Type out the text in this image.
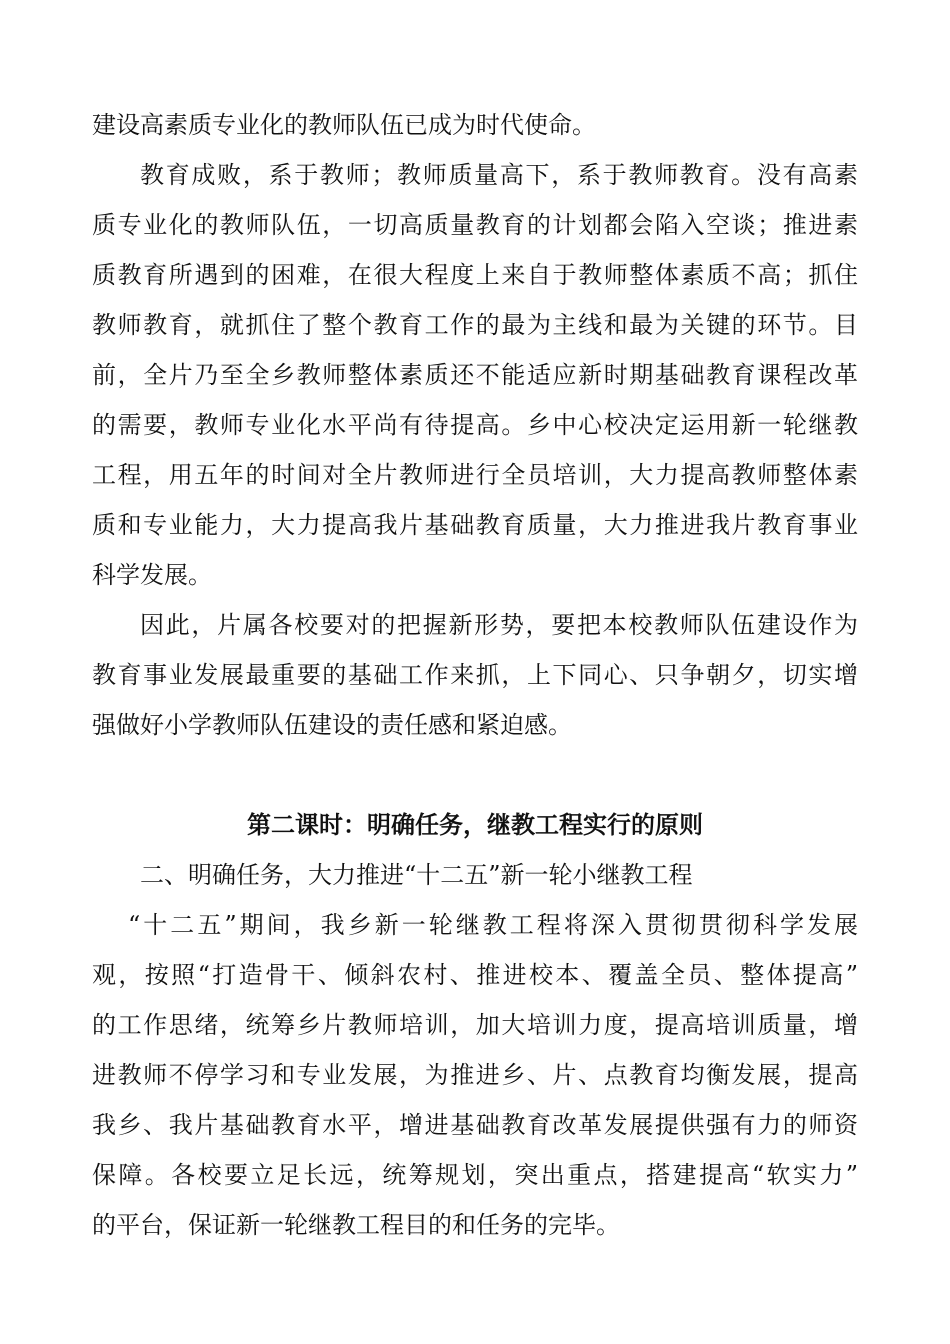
建设高素质专业化的教师队伍已成为时代使命。
教育成败，系于教师；教师质量高下，系于教师教育。没有高素
质专业化的教师队伍，一切高质量教育的计划都会陷入空谈；推进素
质教育所遇到的困难，在很大程度上来自于教师整体素质不高；抓住
教师教育，就抓住了整个教育工作的最为主线和最为关键的环节。目
前，全片乃至全乡教师整体素质还不能适应新时期基础教育课程改革
的需要，教师专业化水平尚有待提高。乡中心校决定运用新一轮继教
工程，用五年的时间对全片教师进行全员培训，大力提高教师整体素
质和专业能力，大力提高我片基础教育质量，大力推进我片教育事业
科学发展。
因此，片属各校要对的把握新形势，要把本校教师队伍建设作为
教育事业发展最重要的基础工作来抓，上下同心、只争朝夕，切实增
强做好小学教师队伍建设的责任感和紧迫感。
第二课时：明确任务，继教工程实行的原则
二、明确任务，大力推进“十二五”新一轮小继教工程
“十二五”期间，我乡新一轮继教工程将深入贯彻贯彻科学发展
观，按照“打造骨干、倾斜农村、推进校本、覆盖全员、整体提高”
的工作思绪，统筹乡片教师培训，加大培训力度，提高培训质量，增
进教师不停学习和专业发展，为推进乡、片、点教育均衡发展，提高
我乡、我片基础教育水平，增进基础教育改革发展提供强有力的师资
保障。各校要立足长远，统筹规划，突出重点，搭建提高“软实力”
的平台，保证新一轮继教工程目的和任务的完毕。
